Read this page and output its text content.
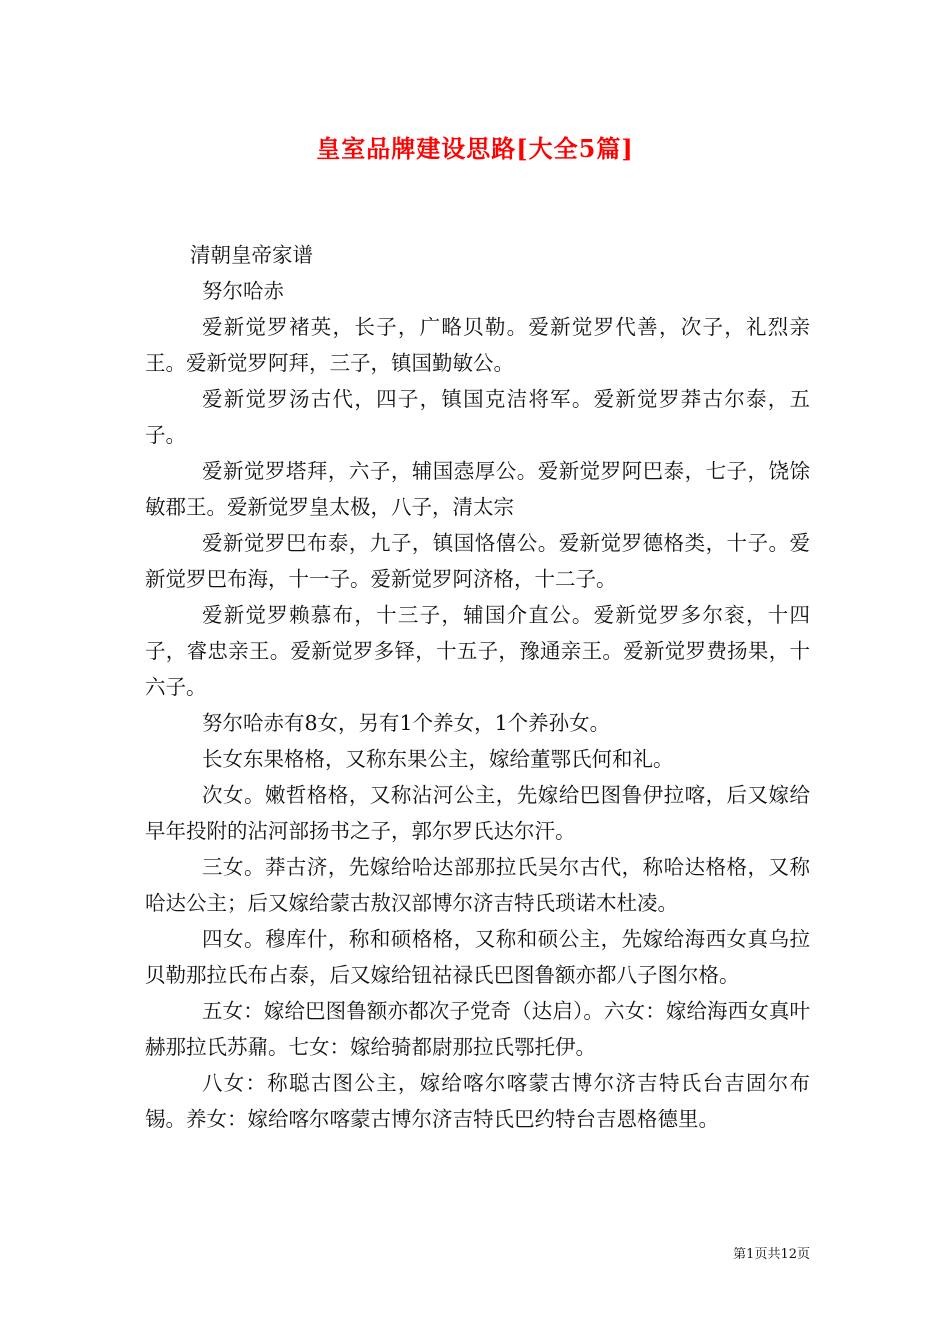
皇室品牌建设思路[大全5篇]

清朝皇帝家谱

努尔哈赤

爱新觉罗褚英，长子，广略贝勒。爱新觉罗代善，次子，礼烈亲王。爱新觉罗阿拜，三子，镇国勤敏公。

爱新觉罗汤古代，四子，镇国克洁将军。爱新觉罗莽古尔泰，五子。

爱新觉罗塔拜，六子，辅国悫厚公。爱新觉罗阿巴泰，七子，饶馀敏郡王。爱新觉罗皇太极，八子，清太宗

爱新觉罗巴布泰，九子，镇国恪僖公。爱新觉罗德格类，十子。爱新觉罗巴布海，十一子。爱新觉罗阿济格，十二子。

爱新觉罗赖慕布，十三子，辅国介直公。爱新觉罗多尔衮，十四子，睿忠亲王。爱新觉罗多铎，十五子，豫通亲王。爱新觉罗费扬果，十六子。

努尔哈赤有8女，另有1个养女，1个养孙女。

长女东果格格，又称东果公主，嫁给董鄂氏何和礼。

次女。嫩哲格格，又称沾河公主，先嫁给巴图鲁伊拉喀，后又嫁给早年投附的沾河部扬书之子，郭尔罗氏达尔汗。

三女。莽古济，先嫁给哈达部那拉氏吴尔古代，称哈达格格，又称哈达公主；后又嫁给蒙古敖汉部博尔济吉特氏琐诺木杜凌。

四女。穆库什，称和硕格格，又称和硕公主，先嫁给海西女真乌拉贝勒那拉氏布占泰，后又嫁给钮祜禄氏巴图鲁额亦都八子图尔格。

五女：嫁给巴图鲁额亦都次子党奇（达启）。六女：嫁给海西女真叶赫那拉氏苏鼐。七女：嫁给骑都尉那拉氏鄂托伊。

八女：称聪古图公主，嫁给喀尔喀蒙古博尔济吉特氏台吉固尔布锡。养女：嫁给喀尔喀蒙古博尔济吉特氏巴约特台吉恩格德里。

第1页共12页
